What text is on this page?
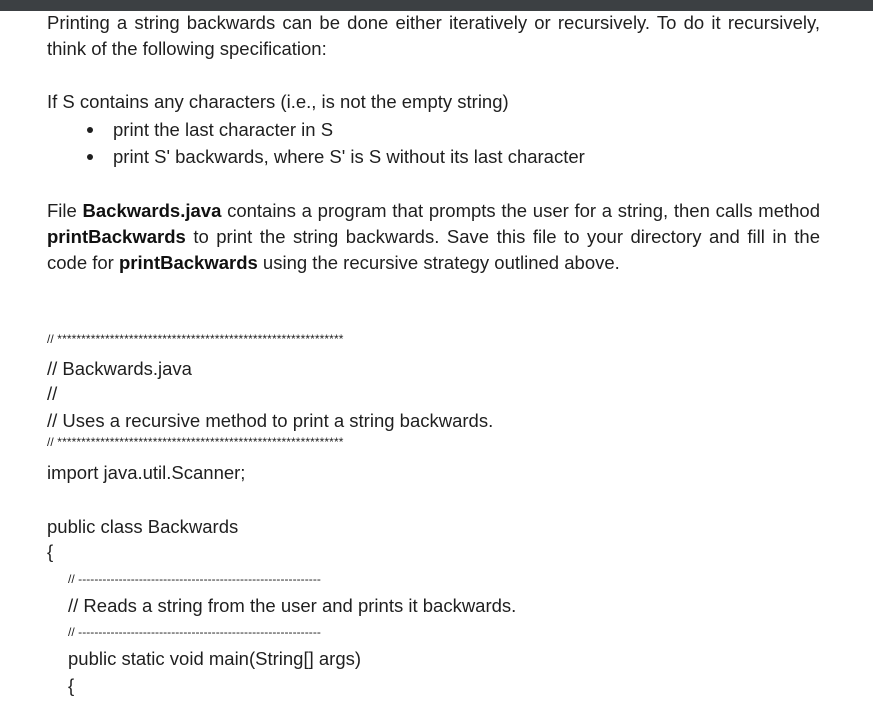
Printing a string backwards can be done either iteratively or recursively. To do it recursively, think of the following specification:
If S contains any characters (i.e., is not the empty string)
print the last character in S
print S' backwards, where S' is S without its last character
File Backwards.java contains a program that prompts the user for a string, then calls method printBackwards to print the string backwards. Save this file to your directory and fill in the code for printBackwards using the recursive strategy outlined above.
// ************************************************************
// Backwards.java
//
// Uses a recursive method to print a string backwards.
// ************************************************************
import java.util.Scanner;
public class Backwards
{
// ------------------------------------------------------------
// Reads a string from the user and prints it backwards.
// ------------------------------------------------------------
public static void main(String[] args)
{
